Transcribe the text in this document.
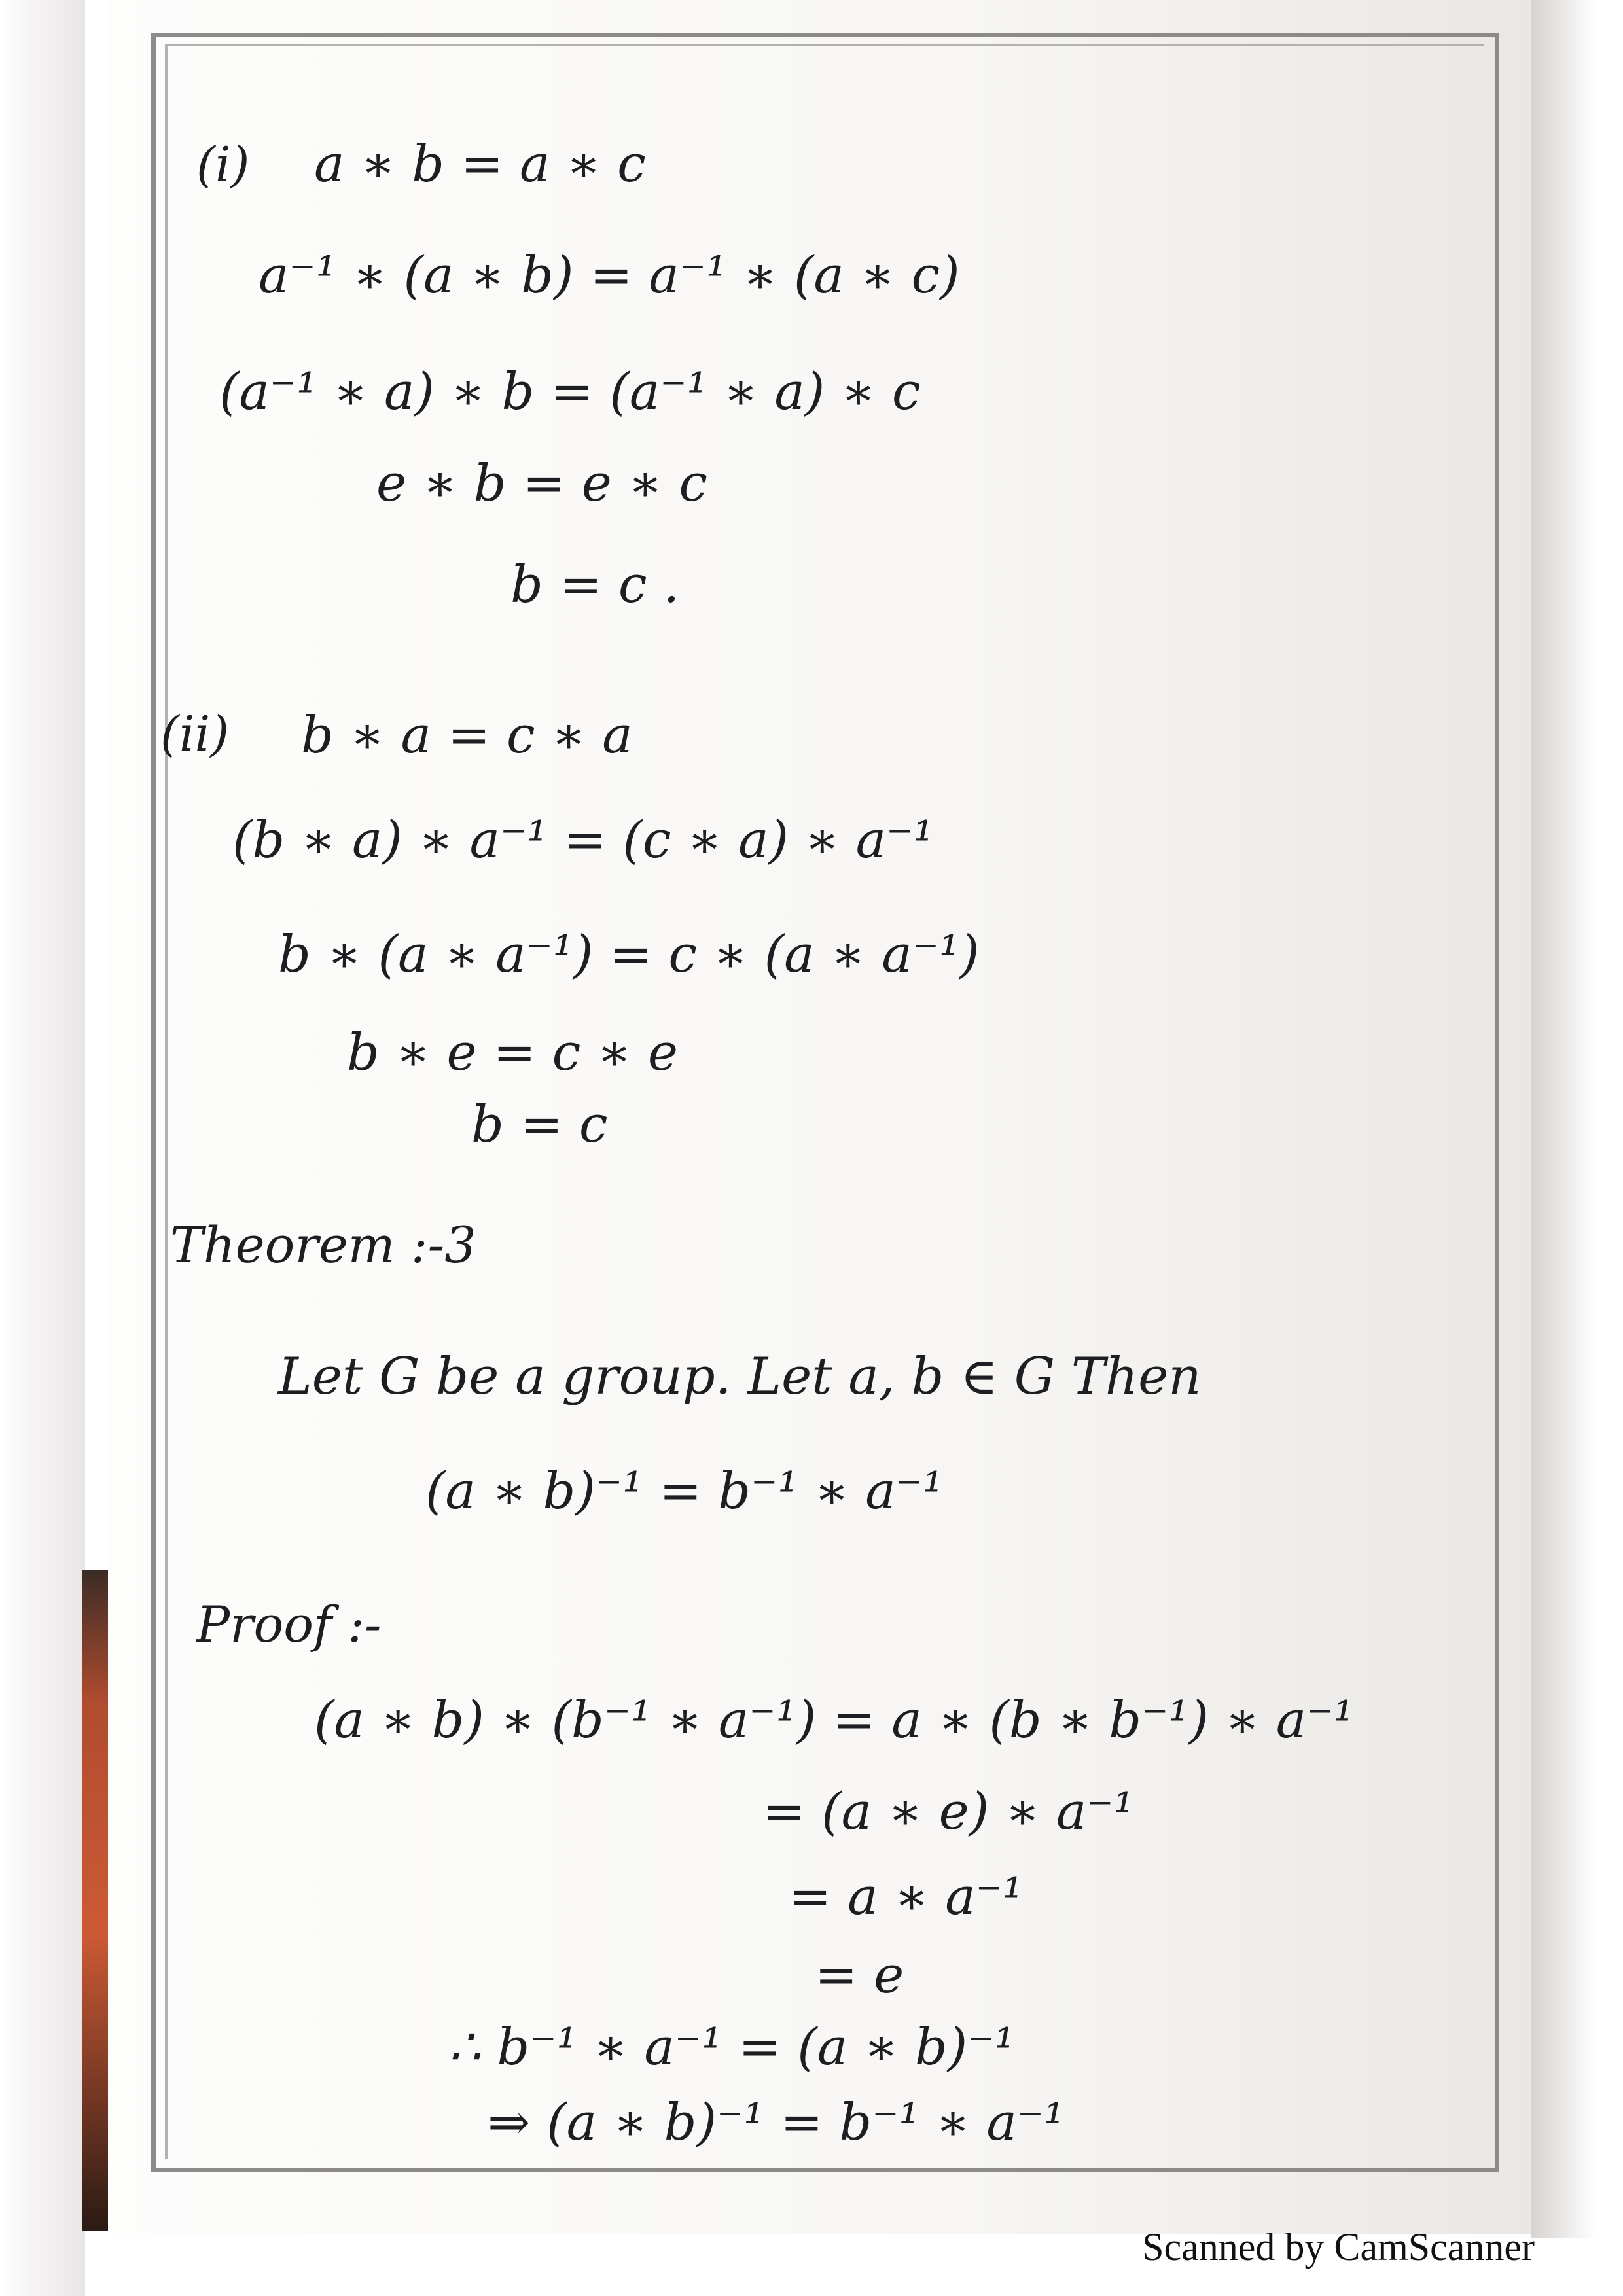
(i) a ∗ b = a ∗ c
a⁻¹ ∗ (a ∗ b) = a⁻¹ ∗ (a ∗ c)
(a⁻¹ ∗ a) ∗ b = (a⁻¹ ∗ a) ∗ c
e ∗ b = e ∗ c
b = c .
(ii) b ∗ a = c ∗ a
(b ∗ a) ∗ a⁻¹ = (c ∗ a) ∗ a⁻¹
b ∗ (a ∗ a⁻¹) = c ∗ (a ∗ a⁻¹)
b ∗ e = c ∗ e
b = c
Theorem :-3
Let G be a group. Let a, b ∈ G Then
(a ∗ b)⁻¹ = b⁻¹ ∗ a⁻¹
Proof :-
(a ∗ b) ∗ (b⁻¹ ∗ a⁻¹) = a ∗ (b ∗ b⁻¹) ∗ a⁻¹
= (a ∗ e) ∗ a⁻¹
= a ∗ a⁻¹
= e
∴ b⁻¹ ∗ a⁻¹ = (a ∗ b)⁻¹
⇒ (a ∗ b)⁻¹ = b⁻¹ ∗ a⁻¹
Scanned by CamScanner
